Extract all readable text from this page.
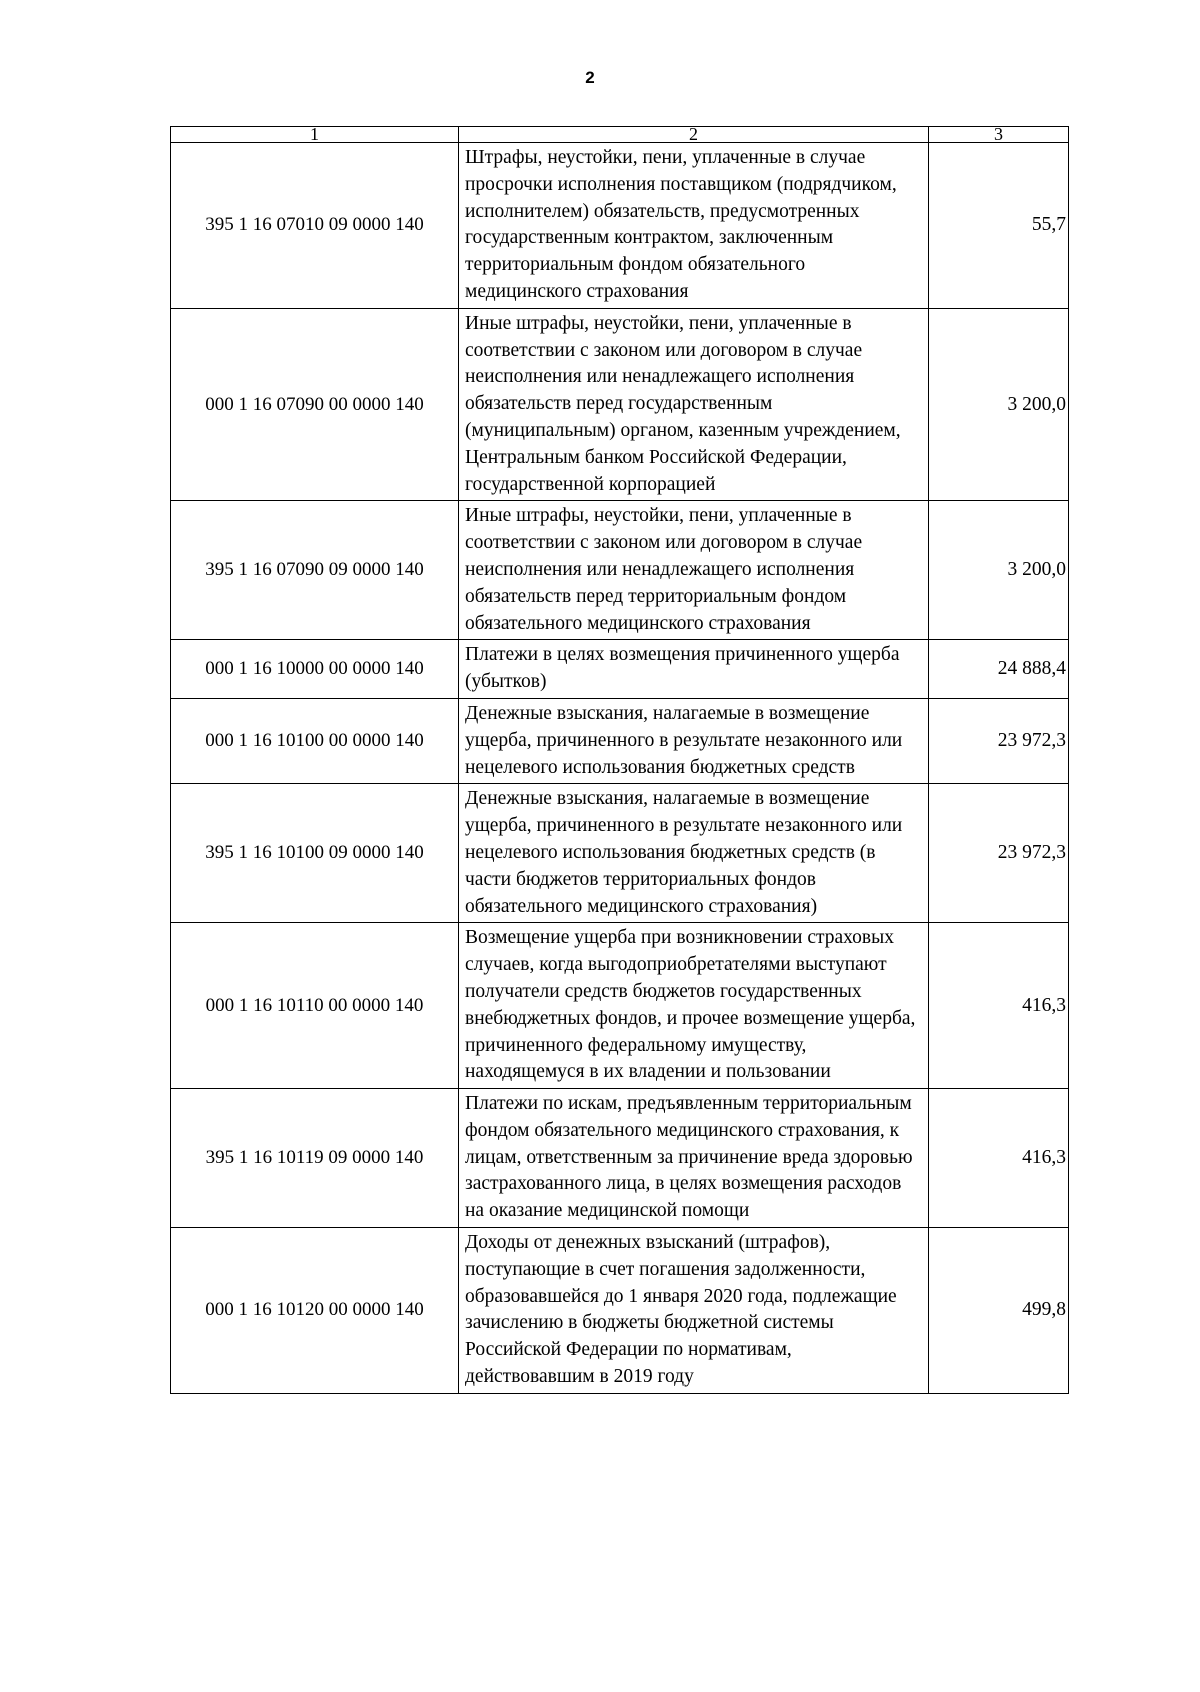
2
1	2	3
395 1 16 07010 09 0000 140	Штрафы, неустойки, пени, уплаченные в случае просрочки исполнения поставщиком (подрядчиком, исполнителем) обязательств, предусмотренных государственным контрактом, заключенным территориальным фондом обязательного медицинского страхования	55,7
000 1 16 07090 00 0000 140	Иные штрафы, неустойки, пени, уплаченные в соответствии с законом или договором в случае неисполнения или ненадлежащего исполнения обязательств перед государственным (муниципальным) органом, казенным учреждением, Центральным банком Российской Федерации, государственной корпорацией	3 200,0
395 1 16 07090 09 0000 140	Иные штрафы, неустойки, пени, уплаченные в соответствии с законом или договором в случае неисполнения или ненадлежащего исполнения обязательств перед территориальным фондом обязательного медицинского страхования	3 200,0
000 1 16 10000 00 0000 140	Платежи в целях возмещения причиненного ущерба (убытков)	24 888,4
000 1 16 10100 00 0000 140	Денежные взыскания, налагаемые в возмещение ущерба, причиненного в результате незаконного или нецелевого использования бюджетных средств	23 972,3
395 1 16 10100 09 0000 140	Денежные взыскания, налагаемые в возмещение ущерба, причиненного в результате незаконного или нецелевого использования бюджетных средств (в части бюджетов территориальных фондов обязательного медицинского страхования)	23 972,3
000 1 16 10110 00 0000 140	Возмещение ущерба при возникновении страховых случаев, когда выгодоприобретателями выступают получатели средств бюджетов государственных внебюджетных фондов, и прочее возмещение ущерба, причиненного федеральному имуществу, находящемуся в их владении и пользовании	416,3
395 1 16 10119 09 0000 140	Платежи по искам, предъявленным территориальным фондом обязательного медицинского страхования, к лицам, ответственным за причинение вреда здоровью застрахованного лица, в целях возмещения расходов на оказание медицинской помощи	416,3
000 1 16 10120 00 0000 140	Доходы от денежных взысканий (штрафов), поступающие в счет погашения задолженности, образовавшейся до 1 января 2020 года, подлежащие зачислению в бюджеты бюджетной системы Российской Федерации по нормативам, действовавшим в 2019 году	499,8
